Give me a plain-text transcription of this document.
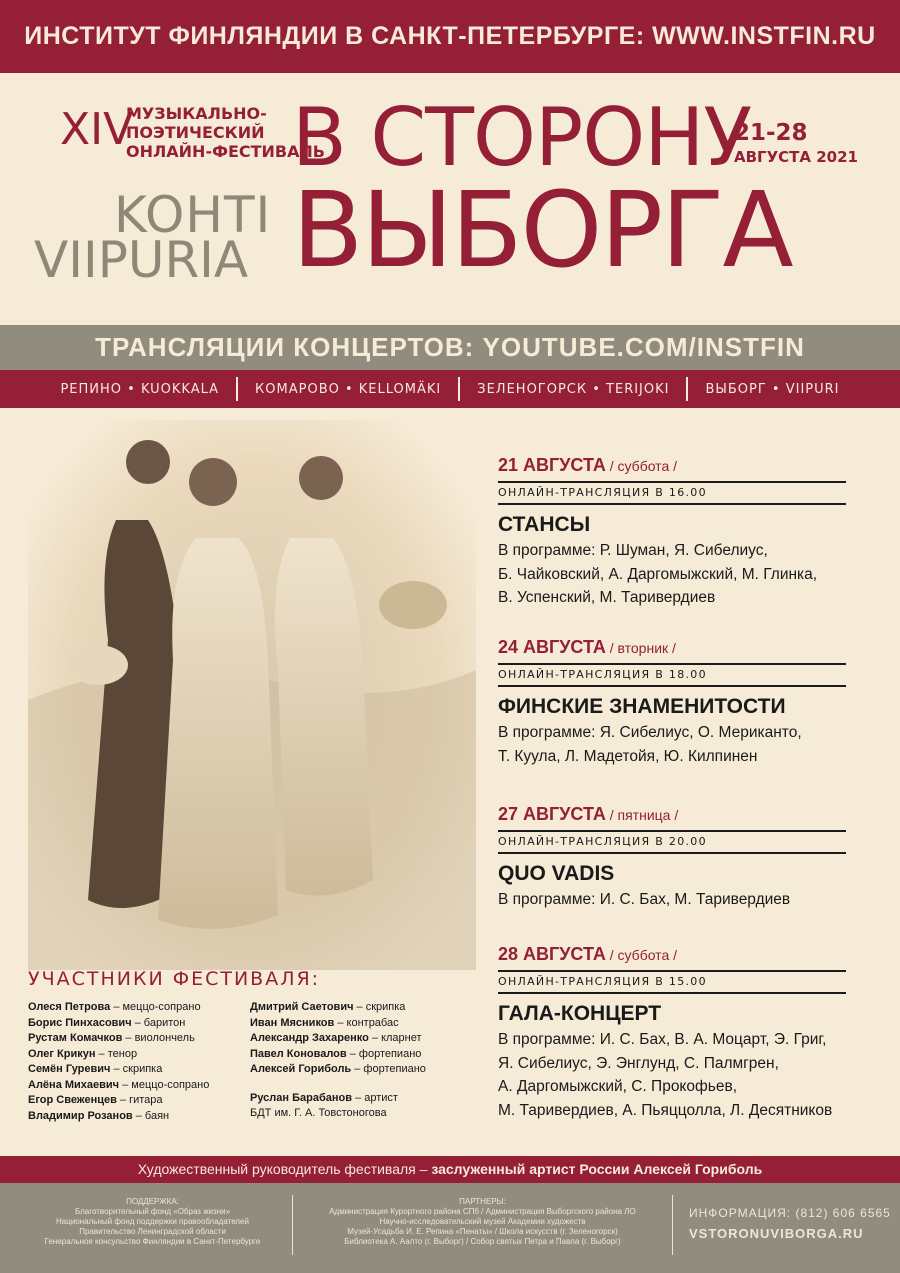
ИНСТИТУТ ФИНЛЯНДИИ В САНКТ-ПЕТЕРБУРГЕ: WWW.INSTFIN.RU
XIV
МУЗЫКАЛЬНО-
ПОЭТИЧЕСКИЙ
ОНЛАЙН-ФЕСТИВАЛЬ
KOHTI
VIIPURIA
В СТОРОНУ
ВЫБОРГА
21-28
АВГУСТА 2021
ТРАНСЛЯЦИИ КОНЦЕРТОВ: YOUTUBE.COM/INSTFIN
РЕПИНО • KUOKKALA	КОМАРОВО • KELLOMÄKI	ЗЕЛЕНОГОРСК • TERIJOKI	ВЫБОРГ • VIIPURI
21 АВГУСТА / суббота /
ОНЛАЙН-ТРАНСЛЯЦИЯ В 16.00
СТАНСЫ
В программе: Р. Шуман, Я. Сибелиус,
Б. Чайковский, А. Даргомыжский, М. Глинка,
В. Успенский, М. Таривердиев
24 АВГУСТА / вторник /
ОНЛАЙН-ТРАНСЛЯЦИЯ В 18.00
ФИНСКИЕ ЗНАМЕНИТОСТИ
В программе: Я. Сибелиус, О. Мериканто,
Т. Куула, Л. Мадетойя, Ю. Килпинен
27 АВГУСТА / пятница /
ОНЛАЙН-ТРАНСЛЯЦИЯ В 20.00
QUO VADIS
В программе: И. С. Бах, М. Таривердиев
28 АВГУСТА / суббота /
ОНЛАЙН-ТРАНСЛЯЦИЯ В 15.00
ГАЛА-КОНЦЕРТ
В программе: И. С. Бах, В. А. Моцарт, Э. Григ,
Я. Сибелиус, Э. Энглунд, С. Палмгрен,
А. Даргомыжский, С. Прокофьев,
М. Таривердиев, А. Пьяццолла, Л. Десятников
УЧАСТНИКИ ФЕСТИВАЛЯ:
Олеся Петрова – меццо-сопрано
Борис Пинхасович – баритон
Рустам Комачков – виолончель
Олег Крикун – тенор
Семён Гуревич – скрипка
Алёна Михаевич – меццо-сопрано
Егор Свеженцев – гитара
Владимир Розанов – баян
Дмитрий Саетович – скрипка
Иван Мясников – контрабас
Александр Захаренко – кларнет
Павел Коновалов – фортепиано
Алексей Гориболь – фортепиано
Руслан Барабанов – артист
БДТ им. Г. А. Товстоногова
Художественный руководитель фестиваля – заслуженный артист России Алексей Гориболь
ПОДДЕРЖКА:
Благотворительный фонд «Образ жизни»
Национальный фонд поддержки правообладателей
Правительство Ленинградской области
Генеральное консульство Финляндии в Санкт-Петербурге
ПАРТНЕРЫ:
Администрация Курортного района СПб / Администрация Выборгского района ЛО
Научно-исследовательский музей Академии художеств
Музей-Усадьба И. Е. Репина «Пенаты» / Школа искусств (г. Зеленогорск)
Библиотека А. Аалто (г. Выборг) / Собор святых Петра и Павла (г. Выборг)
ИНФОРМАЦИЯ: (812) 606 6565
VSTORONUVIBORGA.RU
